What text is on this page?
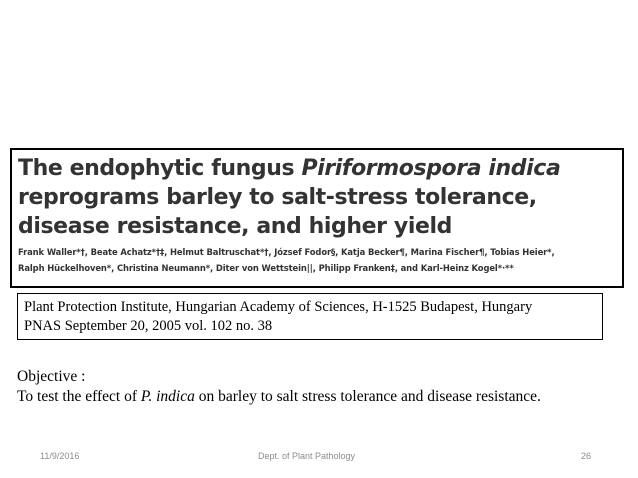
The endophytic fungus Piriformospora indica
reprograms barley to salt-stress tolerance,
disease resistance, and higher yield
Frank Waller*†, Beate Achatz*†‡, Helmut Baltruschat*†, József Fodor§, Katja Becker¶, Marina Fischer¶, Tobias Heier*,
Ralph Hückelhoven*, Christina Neumann*, Diter von Wettstein||, Philipp Franken‡, and Karl-Heinz Kogel*·**
Plant Protection Institute, Hungarian Academy of Sciences, H-1525 Budapest, Hungary
PNAS September 20, 2005 vol. 102 no. 38
Objective :
To test the effect of P. indica on barley to salt stress tolerance and disease resistance.
11/9/2016	Dept. of Plant Pathology	26
